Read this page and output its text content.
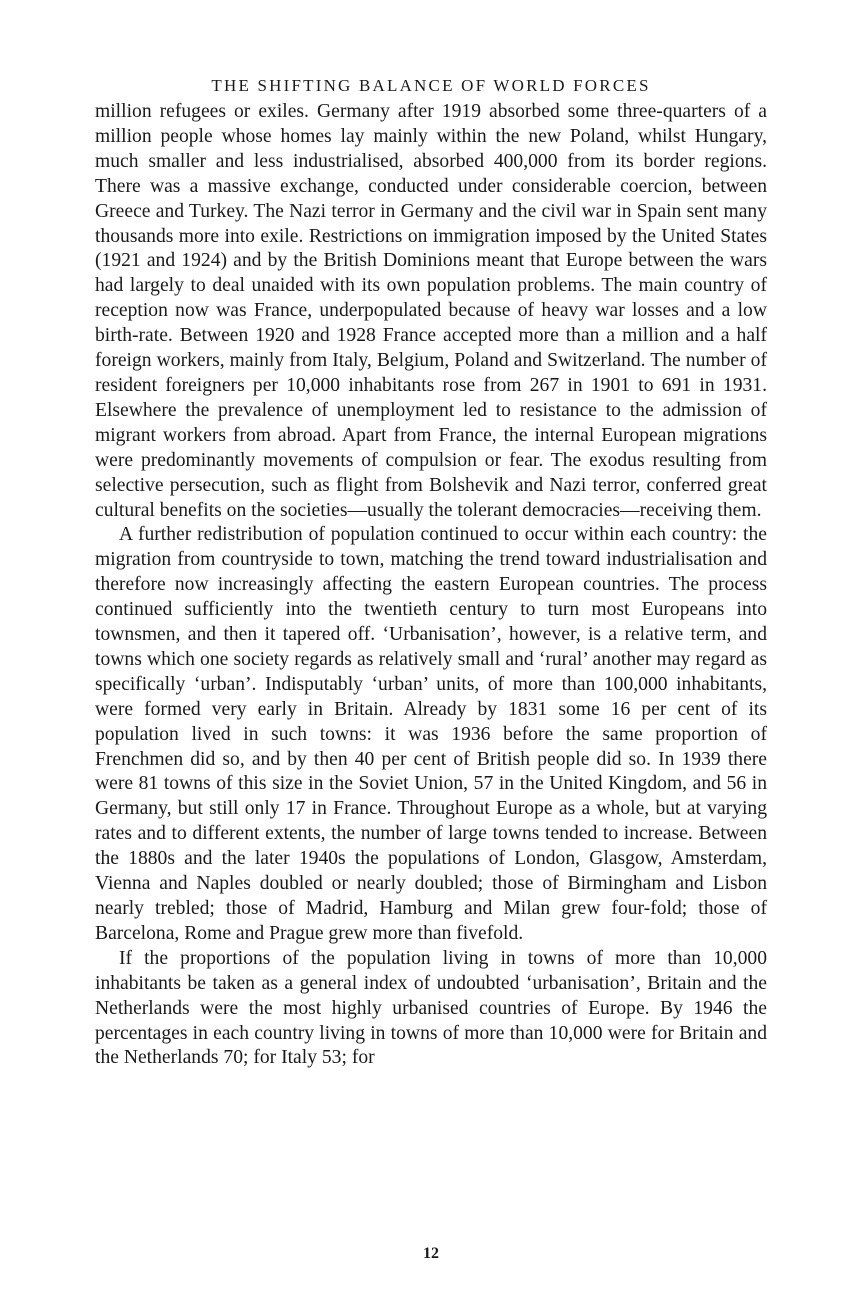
THE SHIFTING BALANCE OF WORLD FORCES

million refugees or exiles. Germany after 1919 absorbed some three-quarters of a million people whose homes lay mainly within the new Poland, whilst Hungary, much smaller and less industrialised, absorbed 400,000 from its border regions. There was a massive exchange, conducted under considerable coercion, between Greece and Turkey. The Nazi terror in Germany and the civil war in Spain sent many thousands more into exile. Restrictions on immigration imposed by the United States (1921 and 1924) and by the British Dominions meant that Europe between the wars had largely to deal unaided with its own population problems. The main country of reception now was France, underpopulated because of heavy war losses and a low birth-rate. Between 1920 and 1928 France accepted more than a million and a half foreign workers, mainly from Italy, Belgium, Poland and Switzerland. The number of resident foreigners per 10,000 inhabitants rose from 267 in 1901 to 691 in 1931. Elsewhere the prevalence of unemployment led to resistance to the admission of migrant workers from abroad. Apart from France, the internal European migrations were predominantly movements of compulsion or fear. The exodus resulting from selective persecution, such as flight from Bolshevik and Nazi terror, conferred great cultural benefits on the societies—usually the tolerant democracies—receiving them.

A further redistribution of population continued to occur within each country: the migration from countryside to town, matching the trend toward industrialisation and therefore now increasingly affecting the eastern European countries. The process continued sufficiently into the twentieth century to turn most Europeans into townsmen, and then it tapered off. ‘Urbanisation’, however, is a relative term, and towns which one society regards as relatively small and ‘rural’ another may regard as specifically ‘urban’. Indisputably ‘urban’ units, of more than 100,000 inhabitants, were formed very early in Britain. Already by 1831 some 16 per cent of its population lived in such towns: it was 1936 before the same proportion of Frenchmen did so, and by then 40 per cent of British people did so. In 1939 there were 81 towns of this size in the Soviet Union, 57 in the United Kingdom, and 56 in Germany, but still only 17 in France. Throughout Europe as a whole, but at varying rates and to different extents, the number of large towns tended to increase. Between the 1880s and the later 1940s the populations of London, Glasgow, Amsterdam, Vienna and Naples doubled or nearly doubled; those of Birmingham and Lisbon nearly trebled; those of Madrid, Hamburg and Milan grew four-fold; those of Barcelona, Rome and Prague grew more than fivefold.

If the proportions of the population living in towns of more than 10,000 inhabitants be taken as a general index of undoubted ‘urbanisation’, Britain and the Netherlands were the most highly urbanised countries of Europe. By 1946 the percentages in each country living in towns of more than 10,000 were for Britain and the Netherlands 70; for Italy 53; for

12
